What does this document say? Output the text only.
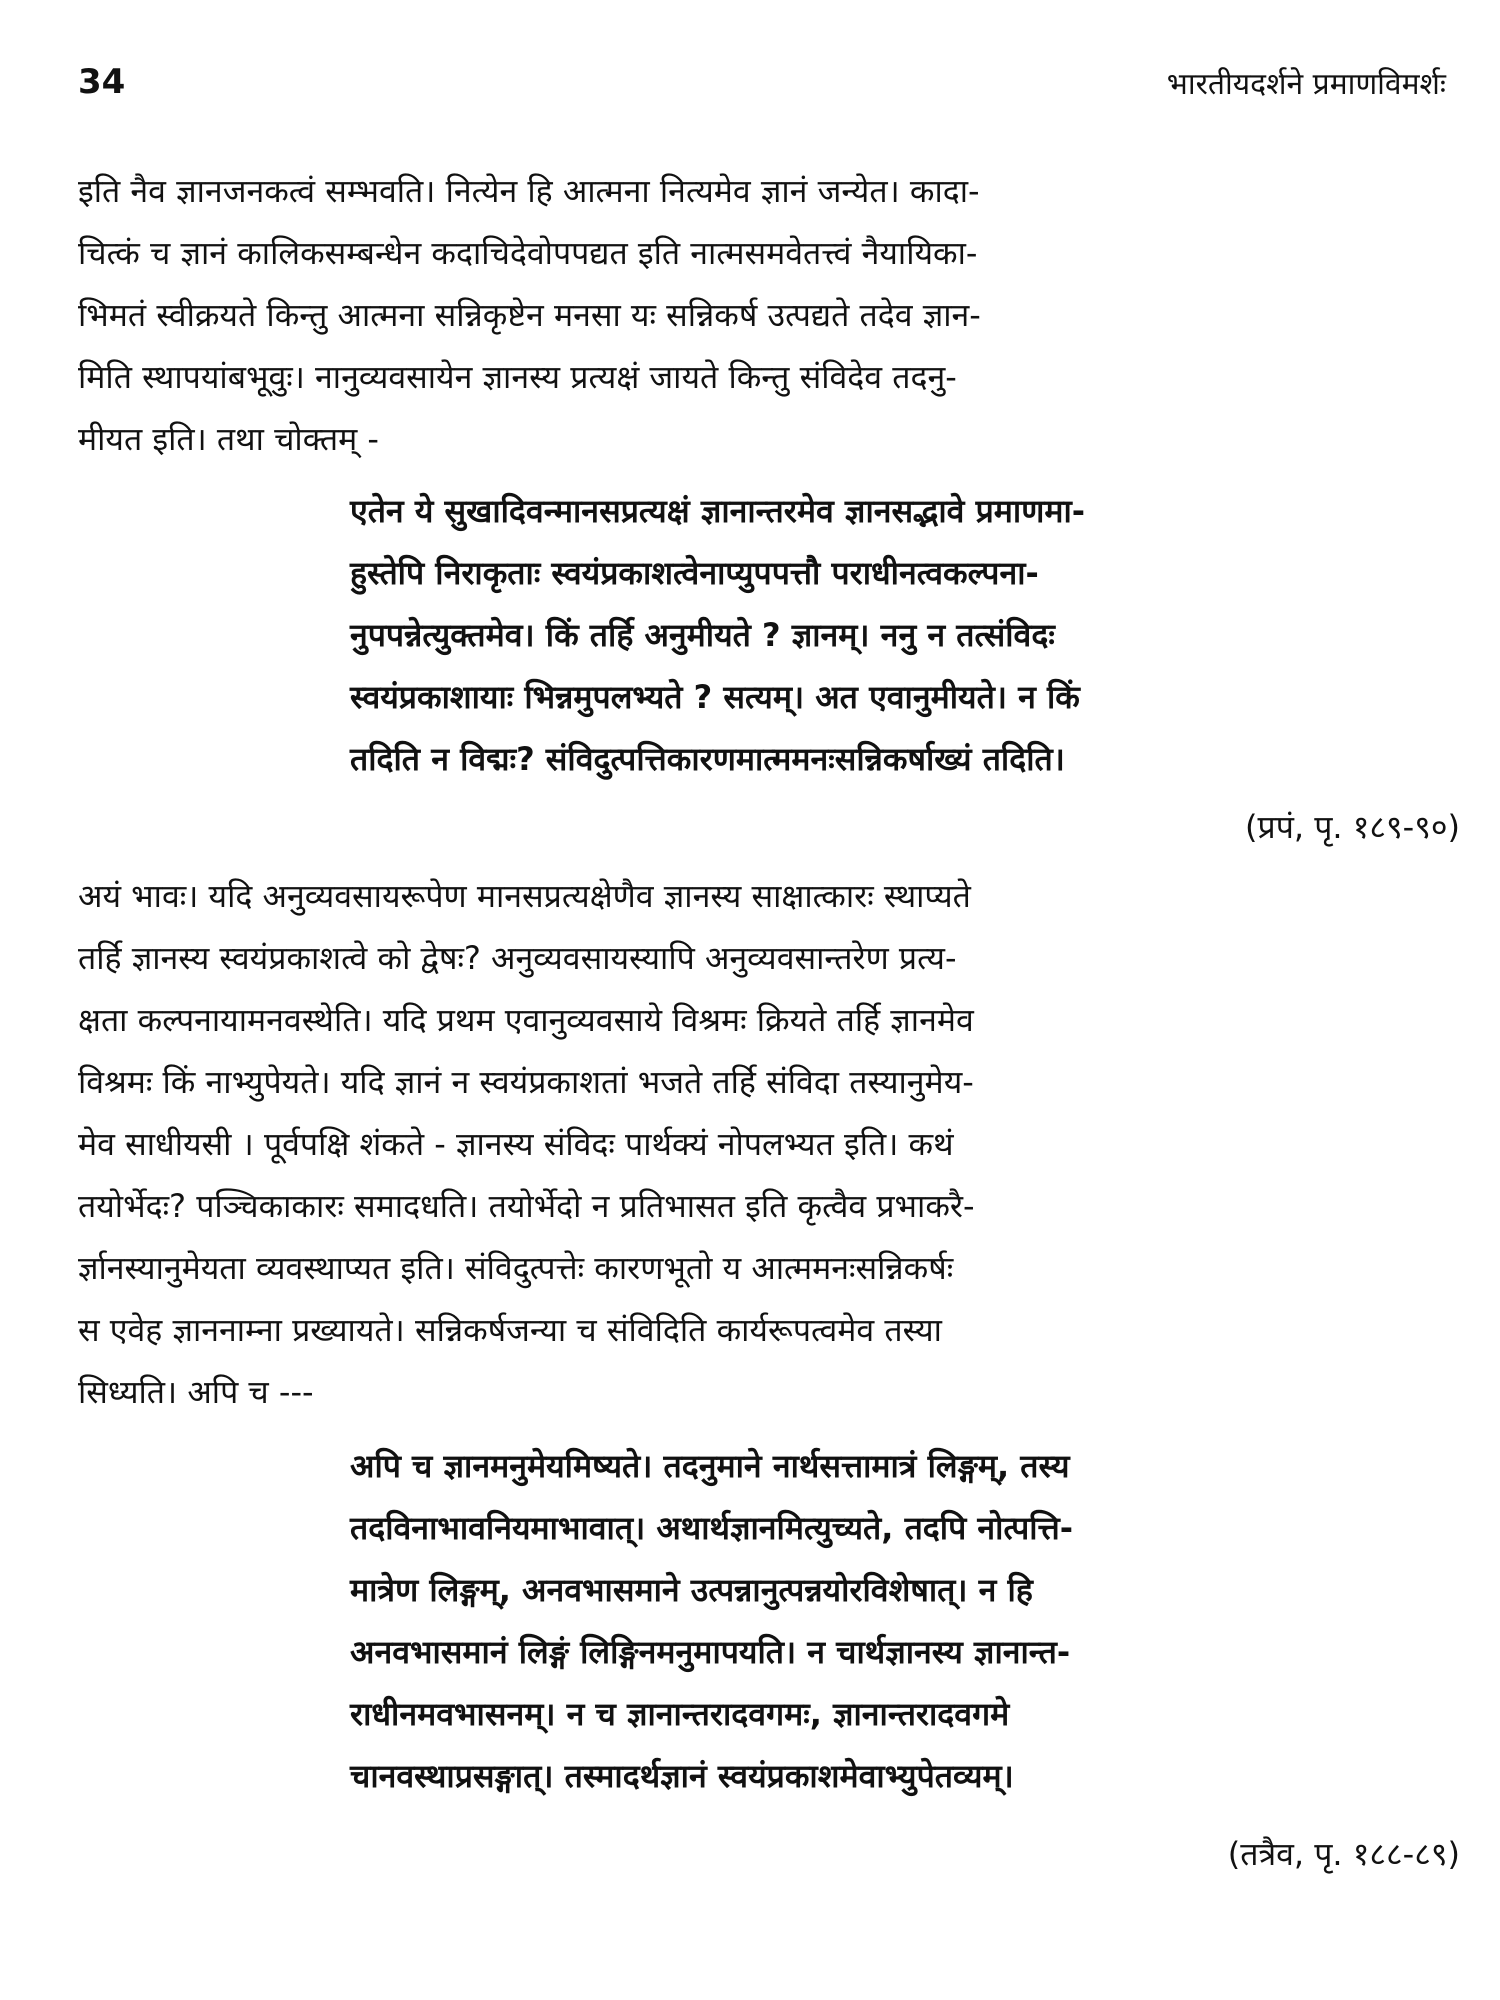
34	भारतीयदर्शने प्रमाणविमर्शः
इति नैव ज्ञानजनकत्वं सम्भवति। नित्येन हि आत्मना नित्यमेव ज्ञानं जन्येत। कादा-
चित्कं च ज्ञानं कालिकसम्बन्धेन कदाचिदेवोपपद्यत इति नात्मसमवेतत्त्वं नैयायिका-
भिमतं स्वीक्रयते किन्तु आत्मना सन्निकृष्टेन मनसा यः सन्निकर्ष उत्पद्यते तदेव ज्ञान-
मिति स्थापयांबभूवुः। नानुव्यवसायेन ज्ञानस्य प्रत्यक्षं जायते किन्तु संविदेव तदनु-
मीयत इति। तथा चोक्तम् -
एतेन ये सुखादिवन्मानसप्रत्यक्षं ज्ञानान्तरमेव ज्ञानसद्भावे प्रमाणमा-
हुस्तेपि निराकृताः स्वयंप्रकाशत्वेनाप्युपपत्तौ पराधीनत्वकल्पना-
नुपपन्नेत्युक्तमेव। किं तर्हि अनुमीयते ? ज्ञानम्। ननु न तत्संविदः
स्वयंप्रकाशायाः भिन्नमुपलभ्यते ? सत्यम्। अत एवानुमीयते। न किं
तदिति न विद्मः? संविदुत्पत्तिकारणमात्ममनःसन्निकर्षाख्यं तदिति।
(प्रपं, पृ. १८९-९०)
अयं भावः। यदि अनुव्यवसायरूपेण मानसप्रत्यक्षेणैव ज्ञानस्य साक्षात्कारः स्थाप्यते
तर्हि ज्ञानस्य स्वयंप्रकाशत्वे को द्वेषः? अनुव्यवसायस्यापि अनुव्यवसान्तरेण प्रत्य-
क्षता कल्पनायामनवस्थेति। यदि प्रथम एवानुव्यवसाये विश्रमः क्रियते तर्हि ज्ञानमेव
विश्रमः किं नाभ्युपेयते। यदि ज्ञानं न स्वयंप्रकाशतां भजते तर्हि संविदा तस्यानुमेय-
मेव साधीयसी । पूर्वपक्षि शंकते - ज्ञानस्य संविदः पार्थक्यं नोपलभ्यत इति। कथं
तयोर्भेदः? पञ्चिकाकारः समादधति। तयोर्भेदो न प्रतिभासत इति कृत्वैव प्रभाकरै-
र्ज्ञानस्यानुमेयता व्यवस्थाप्यत इति। संविदुत्पत्तेः कारणभूतो य आत्ममनःसन्निकर्षः
स एवेह ज्ञाननाम्ना प्रख्यायते। सन्निकर्षजन्या च संविदिति कार्यरूपत्वमेव तस्या
सिध्यति। अपि च ---
अपि च ज्ञानमनुमेयमिष्यते। तदनुमाने नार्थसत्तामात्रं लिङ्गम्, तस्य
तदविनाभावनियमाभावात्। अथार्थज्ञानमित्युच्यते, तदपि नोत्पत्ति-
मात्रेण लिङ्गम्, अनवभासमाने उत्पन्नानुत्पन्नयोरविशेषात्। न हि
अनवभासमानं लिङ्गं लिङ्गिनमनुमापयति। न चार्थज्ञानस्य ज्ञानान्त-
राधीनमवभासनम्। न च ज्ञानान्तरादवगमः, ज्ञानान्तरादवगमे
चानवस्थाप्रसङ्गात्। तस्मादर्थज्ञानं स्वयंप्रकाशमेवाभ्युपेतव्यम्।
(तत्रैव, पृ. १८८-८९)
